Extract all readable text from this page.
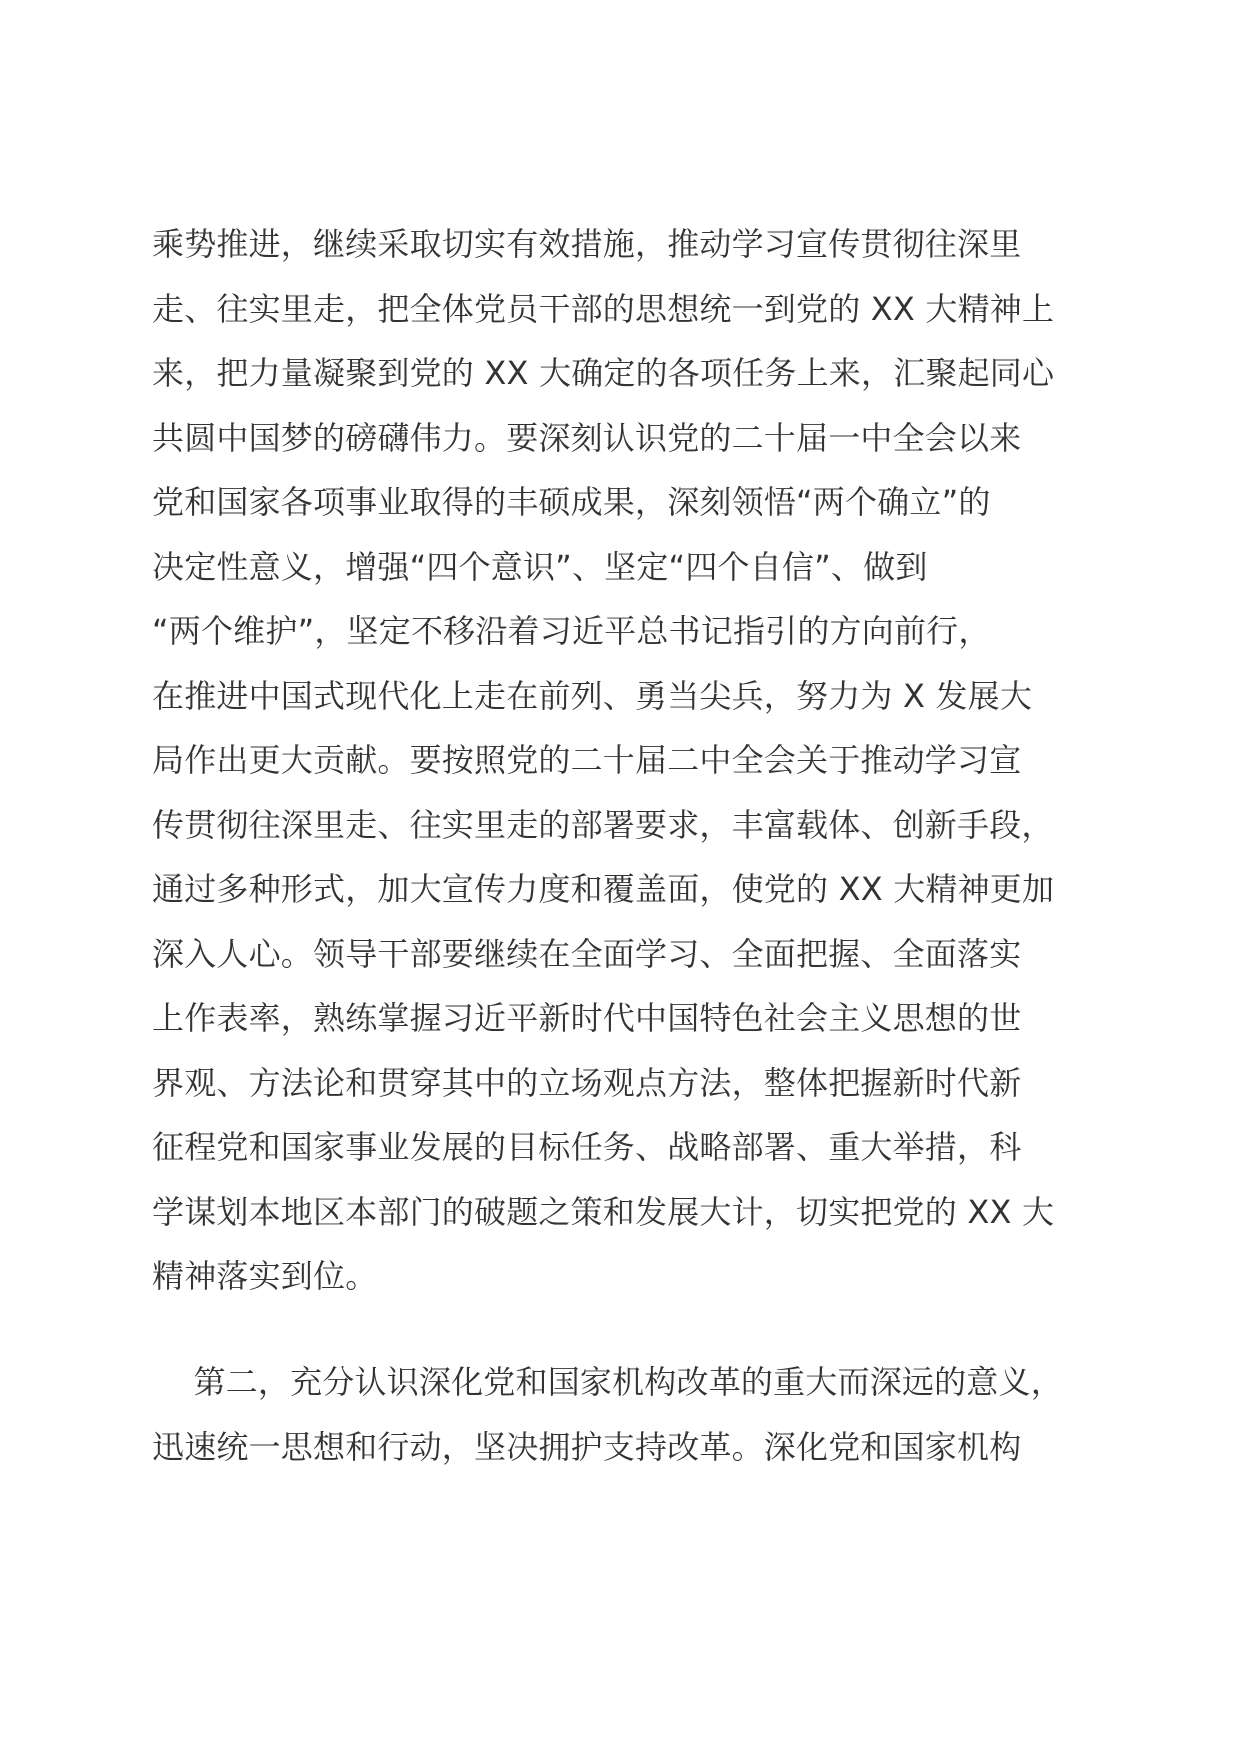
乘势推进，继续采取切实有效措施，推动学习宣传贯彻往深里
走、往实里走，把全体党员干部的思想统一到党的 XX 大精神上
来，把力量凝聚到党的 XX 大确定的各项任务上来，汇聚起同心
共圆中国梦的磅礴伟力。要深刻认识党的二十届一中全会以来
党和国家各项事业取得的丰硕成果，深刻领悟“两个确立”的
决定性意义，增强“四个意识”、坚定“四个自信”、做到
“两个维护”，坚定不移沿着习近平总书记指引的方向前行，
在推进中国式现代化上走在前列、勇当尖兵，努力为 X 发展大
局作出更大贡献。要按照党的二十届二中全会关于推动学习宣
传贯彻往深里走、往实里走的部署要求，丰富载体、创新手段，
通过多种形式，加大宣传力度和覆盖面，使党的 XX 大精神更加
深入人心。领导干部要继续在全面学习、全面把握、全面落实
上作表率，熟练掌握习近平新时代中国特色社会主义思想的世
界观、方法论和贯穿其中的立场观点方法，整体把握新时代新
征程党和国家事业发展的目标任务、战略部署、重大举措，科
学谋划本地区本部门的破题之策和发展大计，切实把党的 XX 大
精神落实到位。
第二，充分认识深化党和国家机构改革的重大而深远的意义，
迅速统一思想和行动，坚决拥护支持改革。深化党和国家机构
